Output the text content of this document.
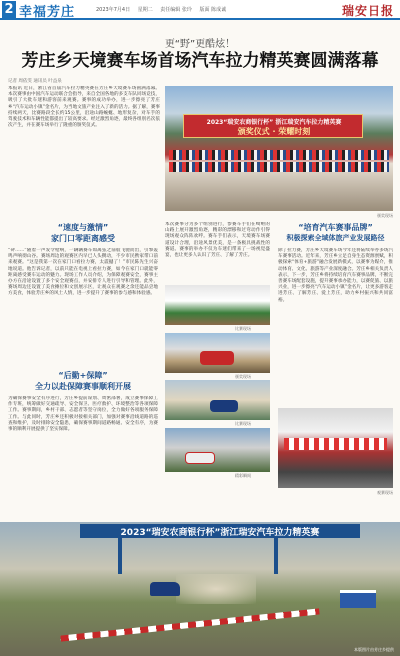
2 幸福芳庄	2023年7月4日 星期二 责任编辑 张玲 版面 陈成诚	瑞安日报
更“野”更酷炫！
芳庄乡天境赛车场首场汽车拉力精英赛圆满落幕
记者 周依雯 通讯员 叶益泉
本报讯 近日，浙江省首届汽车拉力精英赛在芳庄乡天境赛车场圆满落幕。本次赛事由中国汽车运动联合会指导，来自全国各地的多支车队同场竞技，吸引了大批车迷和游客前来观赛。赛事的成功举办，进一步擦亮了芳庄乡“汽车运动小镇”金名片，为当地文旅产业注入了新的活力。据了解，赛事持续两天，比赛路段全长约15公里，沿途山路蜿蜒、地形复杂，对车手的驾驶技术和车辆性能都提出了较高要求。经过激烈角逐，最终各组别名次依次产生，并在赛车场举行了隆重的颁奖仪式。	2023“瑞安农商银行杯” 浙江瑞安汽车拉力精英赛
颁奖仪式 · 荣耀时刻
颁奖现场
“速度与激情”
家门口零距离感受
“砰……”随着一声发令枪响，一辆辆赛车如离弦之箭般飞驰而出，引擎轰鸣声响彻山谷。赛场周边的观赛区内早已人头攒动，不少市民携家带口前来观赛。“这是我第一次在家门口看拉力赛，太震撼了！”市民陈先生兴奋地说道。他告诉记者，以前只能在电视上看拉力赛，如今在家门口就能零距离感受赛车运动的魅力。现场工作人员介绍，为保障观赛安全，赛事主办方在沿途设置了多个安全观赛点，并安排专人进行引导和管理。此外，赛场周边还设置了美食摊位和文创展示区，让观众在观赛之余还能品尝地方美食，体验芳庄乡的风土人情，进一步提升了赛事的参与感和体验感。
本次赛事分为多个组别进行，参赛车手们在崎岖的山路上展开激烈角逐，精彩的漂移和过弯动作引得现场观众阵阵欢呼。赛车手们表示，天境赛车场赛道设计合理，沿途风景优美，是一条极具挑战性的赛道。赛事的举办不仅为车迷们带来了一场视觉盛宴，也让更多人认识了芳庄、了解了芳庄。
比赛现场
颁奖现场
比赛现场
精彩瞬间
“后勤+保障”
全力以赴保障赛事顺利开展
为确保赛事安全有序进行，芳庄乡提前谋划、周密部署，成立赛事保障工作专班，统筹做好交通疏导、安全保卫、医疗救护、环境整治等各项保障工作。赛事期间，乡村干部、志愿者等坚守岗位，全力做好各项服务保障工作。与此同时，芳庄乡还积极对接相关部门，加强对赛事沿线道路的巡查和维护，及时排除安全隐患，确保赛事期间道路畅通、安全有序，为赛事的顺利开展提供了坚实保障。
“培育汽车赛事品牌”
积极探索全域体旅产业发展路径
除了拉力赛，芳庄乡天境赛车场今年还将陆续举办多场汽车赛事活动。近年来，芳庄乡立足自身生态资源禀赋，积极探索“体育+旅游”融合发展新模式，以赛事为媒介，推动体育、文化、旅游等产业深度融合。芳庄乡相关负责人表示，下一步，芳庄乡将持续培育汽车赛事品牌，不断完善赛车场配套设施，提升赛事承办能力，以赛促旅、以旅兴业，进一步擦亮“汽车运动小镇”金名片，让更多游客走进芳庄、了解芳庄、爱上芳庄，助力乡村振兴和共同富裕。
观赛现场
2023“瑞安农商银行杯”浙江瑞安汽车拉力精英赛
本版图片由芳庄乡提供
